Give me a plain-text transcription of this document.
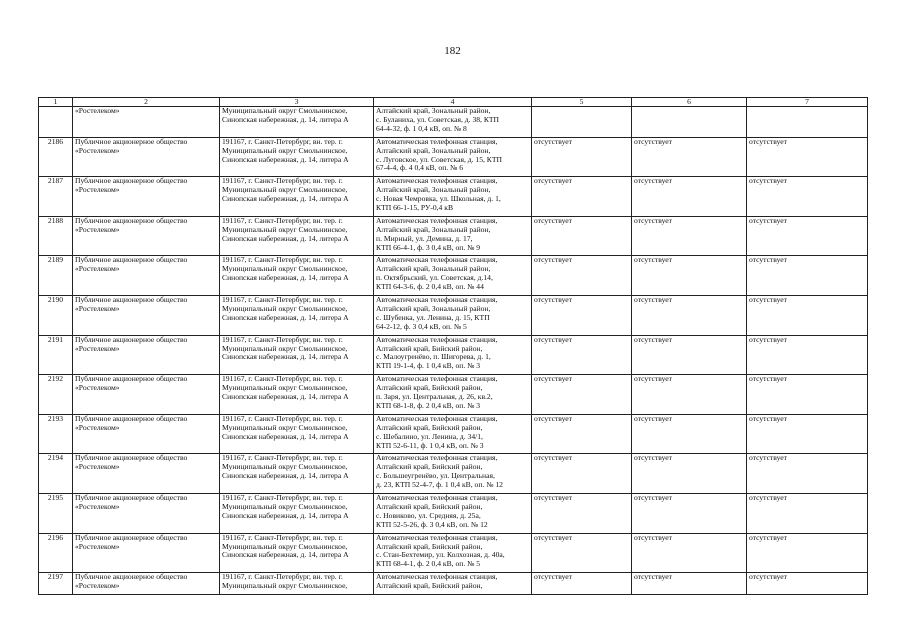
182
1	2	3	4	5	6	7
	«Ростелеком»	Муниципальный округ Смольнинское,
Синопская набережная, д. 14, литера А	Алтайский край, Зональный район,
с. Буланиха, ул. Советская, д. 38, КТП
64-4-32, ф. 1 0,4 кВ, оп. № 8			
2186	Публичное акционерное общество
«Ростелеком»	191167, г. Санкт-Петербург, вн. тер. г.
Муниципальный округ Смольнинское,
Синопская набережная, д. 14, литера А	Автоматическая телефонная станция,
Алтайский край, Зональный район,
с. Луговское, ул. Советская, д. 15, КТП
67-4-4, ф. 4 0,4 кВ, оп. № 6	отсутствует	отсутствует	отсутствует
2187	Публичное акционерное общество
«Ростелеком»	191167, г. Санкт-Петербург, вн. тер. г.
Муниципальный округ Смольнинское,
Синопская набережная, д. 14, литера А	Автоматическая телефонная станция,
Алтайский край, Зональный район,
с. Новая Чемровка, ул. Школьная, д. 1,
КТП 66-1-15, РУ-0,4 кВ	отсутствует	отсутствует	отсутствует
2188	Публичное акционерное общество
«Ростелеком»	191167, г. Санкт-Петербург, вн. тер. г.
Муниципальный округ Смольнинское,
Синопская набережная, д. 14, литера А	Автоматическая телефонная станция,
Алтайский край, Зональный район,
п. Мирный, ул. Демина, д. 17,
КТП 66-4-1, ф. 3 0,4 кВ, оп. № 9	отсутствует	отсутствует	отсутствует
2189	Публичное акционерное общество
«Ростелеком»	191167, г. Санкт-Петербург, вн. тер. г.
Муниципальный округ Смольнинское,
Синопская набережная, д. 14, литера А	Автоматическая телефонная станция,
Алтайский край, Зональный район,
п. Октябрьский, ул. Советская, д.14,
КТП 64-3-6, ф. 2 0,4 кВ, оп. № 44	отсутствует	отсутствует	отсутствует
2190	Публичное акционерное общество
«Ростелеком»	191167, г. Санкт-Петербург, вн. тер. г.
Муниципальный округ Смольнинское,
Синопская набережная, д. 14, литера А	Автоматическая телефонная станция,
Алтайский край, Зональный район,
с. Шубенка, ул. Ленина, д. 15, КТП
64-2-12, ф. 3 0,4 кВ, оп. № 5	отсутствует	отсутствует	отсутствует
2191	Публичное акционерное общество
«Ростелеком»	191167, г. Санкт-Петербург, вн. тер. г.
Муниципальный округ Смольнинское,
Синопская набережная, д. 14, литера А	Автоматическая телефонная станция,
Алтайский край, Бийский район,
с. Малоугренёво, п. Шигорева, д. 1,
КТП 19-1-4, ф. 1 0,4 кВ, оп. № 3	отсутствует	отсутствует	отсутствует
2192	Публичное акционерное общество
«Ростелеком»	191167, г. Санкт-Петербург, вн. тер. г.
Муниципальный округ Смольнинское,
Синопская набережная, д. 14, литера А	Автоматическая телефонная станция,
Алтайский край, Бийский район,
п. Заря, ул. Центральная, д. 26, кв.2,
КТП 68-1-8, ф. 2 0,4 кВ, оп. № 3	отсутствует	отсутствует	отсутствует
2193	Публичное акционерное общество
«Ростелеком»	191167, г. Санкт-Петербург, вн. тер. г.
Муниципальный округ Смольнинское,
Синопская набережная, д. 14, литера А	Автоматическая телефонная станция,
Алтайский край, Бийский район,
с. Шебалино, ул. Ленина, д. 34/1,
КТП 52-6-11, ф. 1 0,4 кВ, оп. № 3	отсутствует	отсутствует	отсутствует
2194	Публичное акционерное общество
«Ростелеком»	191167, г. Санкт-Петербург, вн. тер. г.
Муниципальный округ Смольнинское,
Синопская набережная, д. 14, литера А	Автоматическая телефонная станция,
Алтайский край, Бийский район,
с. Большеугренёво, ул. Центральная,
д. 23, КТП 52-4-7, ф. 1 0,4 кВ, оп. № 12	отсутствует	отсутствует	отсутствует
2195	Публичное акционерное общество
«Ростелеком»	191167, г. Санкт-Петербург, вн. тер. г.
Муниципальный округ Смольнинское,
Синопская набережная, д. 14, литера А	Автоматическая телефонная станция,
Алтайский край, Бийский район,
с. Новиково, ул. Средняя, д. 25а,
КТП 52-5-26, ф. 3 0,4 кВ, оп. № 12	отсутствует	отсутствует	отсутствует
2196	Публичное акционерное общество
«Ростелеком»	191167, г. Санкт-Петербург, вн. тер. г.
Муниципальный округ Смольнинское,
Синопская набережная, д. 14, литера А	Автоматическая телефонная станция,
Алтайский край, Бийский район,
с. Стан-Бехтемир, ул. Колхозная, д. 40а,
КТП 68-4-1, ф. 2 0,4 кВ, оп. № 5	отсутствует	отсутствует	отсутствует
2197	Публичное акционерное общество
«Ростелеком»	191167, г. Санкт-Петербург, вн. тер. г.
Муниципальный округ Смольнинское,	Автоматическая телефонная станция,
Алтайский край, Бийский район,	отсутствует	отсутствует	отсутствует
